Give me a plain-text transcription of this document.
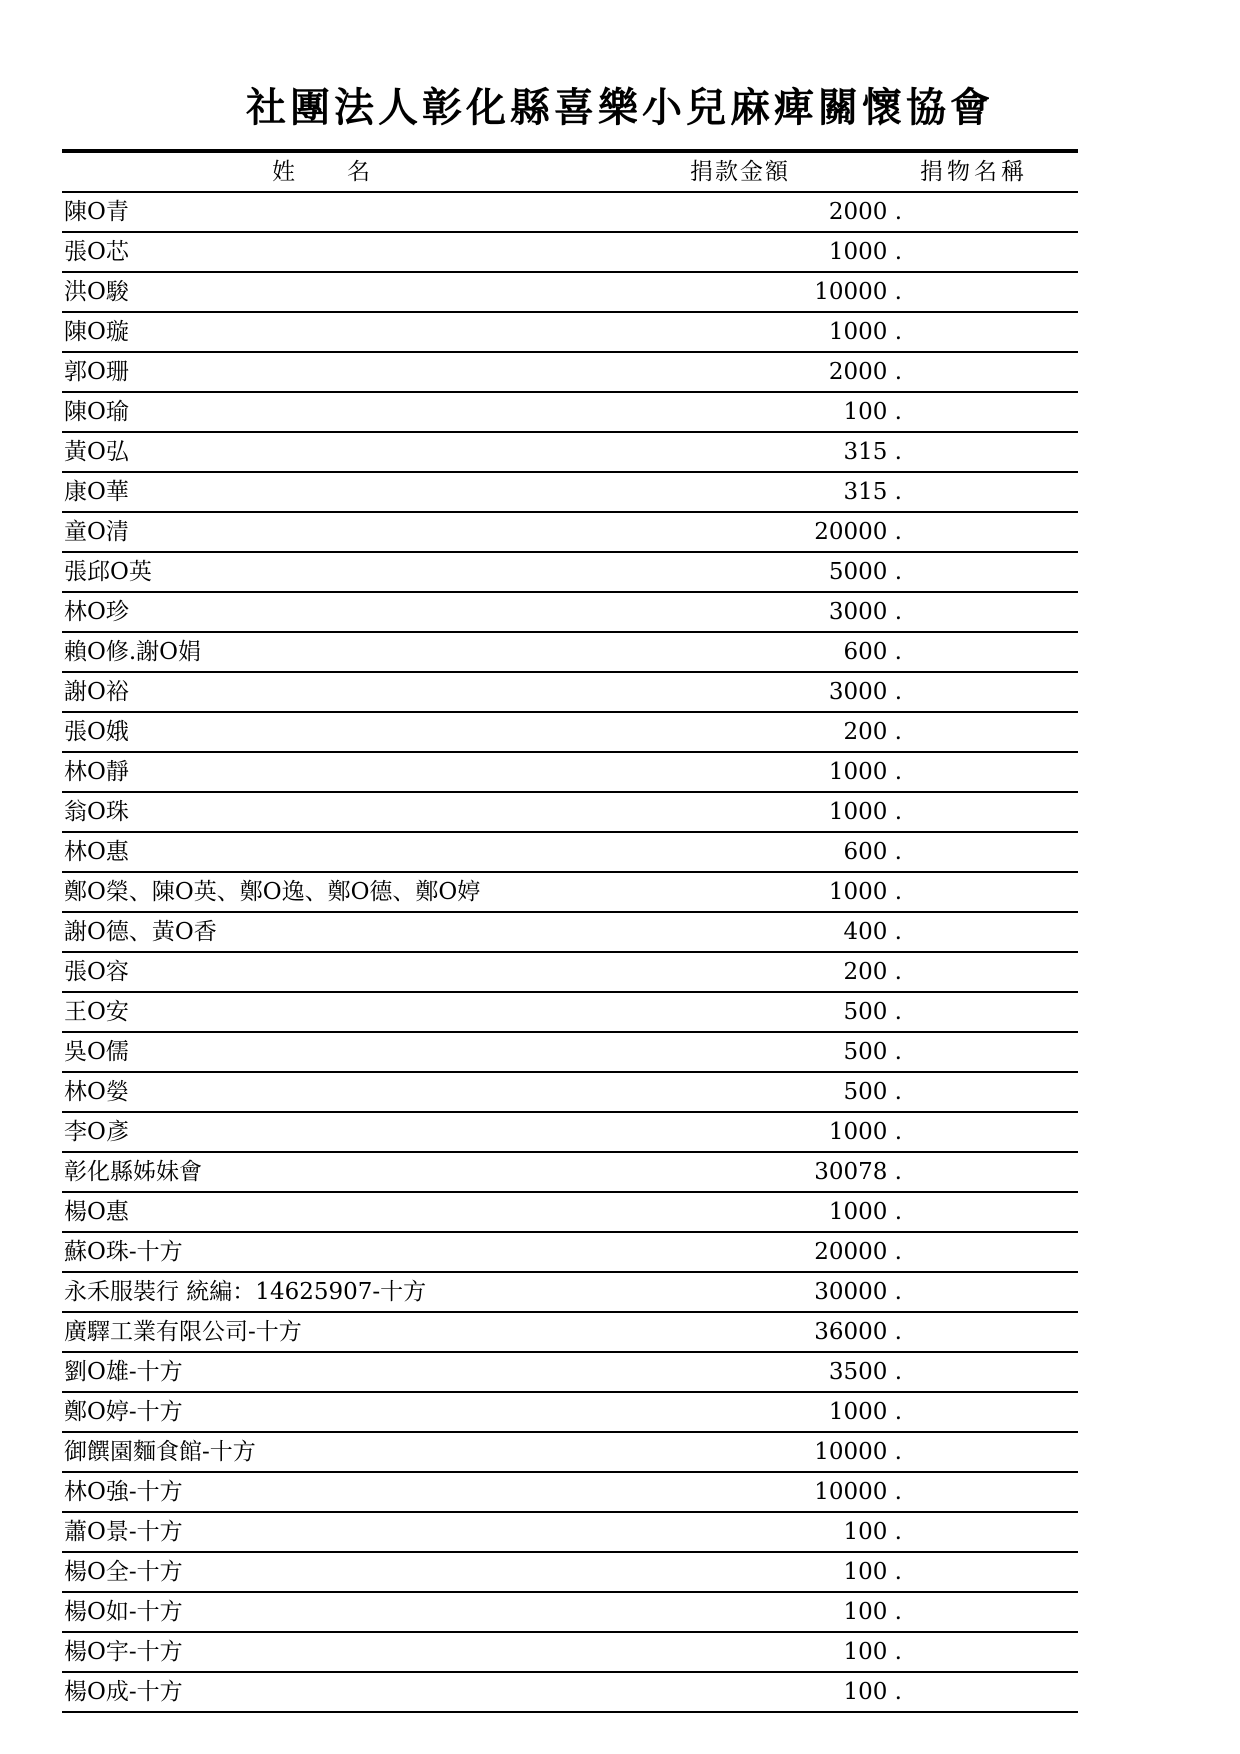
社團法人彰化縣喜樂小兒麻痺關懷協會
姓　　名	捐款金額	捐物名稱
陳O青	2000 .
張O芯	1000 .
洪O駿	10000 .
陳O璇	1000 .
郭O珊	2000 .
陳O瑜	100 .
黃O弘	315 .
康O華	315 .
童O清	20000 .
張邱O英	5000 .
林O珍	3000 .
賴O修.謝O娟	600 .
謝O裕	3000 .
張O娥	200 .
林O靜	1000 .
翁O珠	1000 .
林O惠	600 .
鄭O榮、陳O英、鄭O逸、鄭O德、鄭O婷	1000 .
謝O德、黃O香	400 .
張O容	200 .
王O安	500 .
吳O儒	500 .
林O嫈	500 .
李O彥	1000 .
彰化縣姊妹會	30078 .
楊O惠	1000 .
蘇O珠-十方	20000 .
永禾服裝行 統編：14625907-十方	30000 .
廣驛工業有限公司-十方	36000 .
劉O雄-十方	3500 .
鄭O婷-十方	1000 .
御饌園麵食館-十方	10000 .
林O強-十方	10000 .
蕭O景-十方	100 .
楊O全-十方	100 .
楊O如-十方	100 .
楊O宇-十方	100 .
楊O成-十方	100 .
